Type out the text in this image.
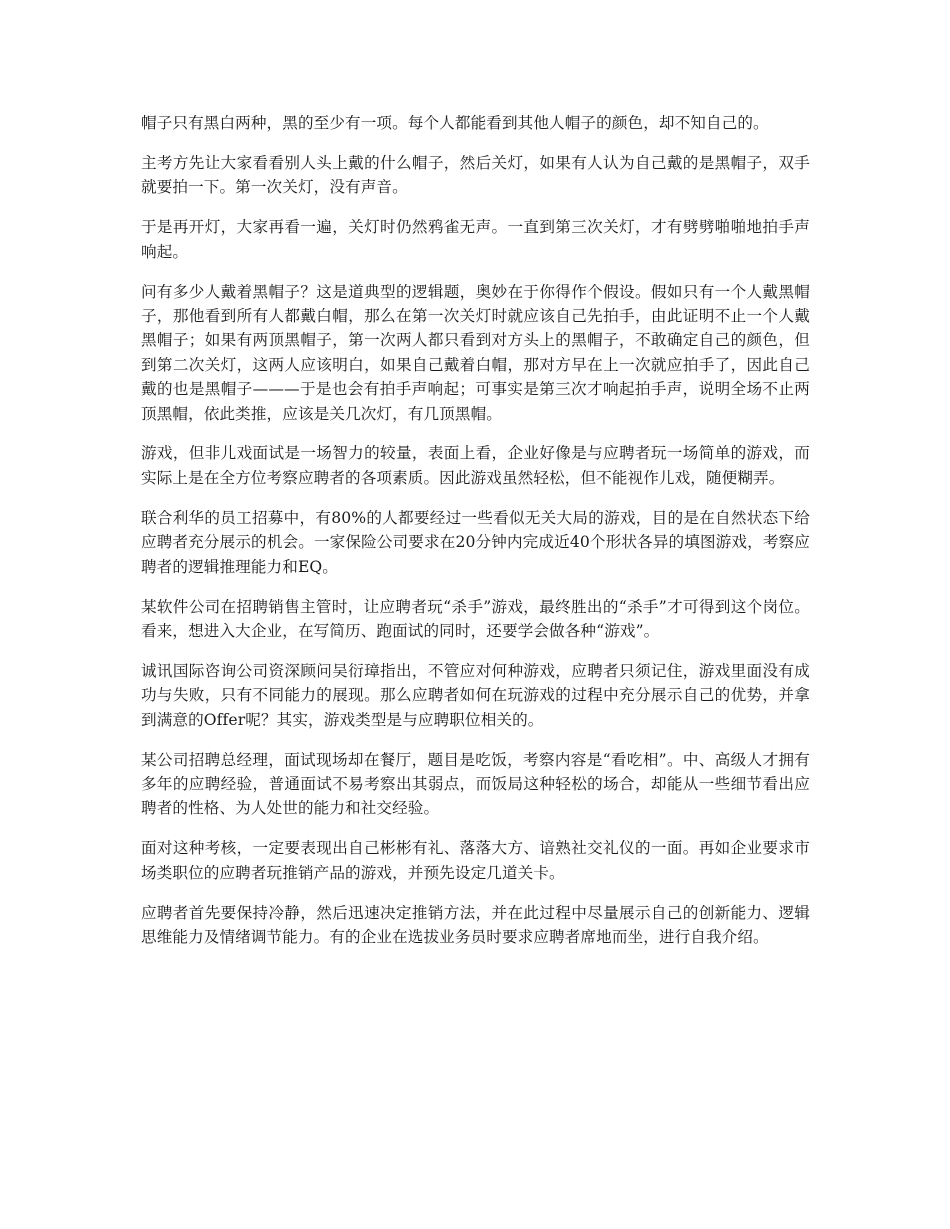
帽子只有黑白两种，黑的至少有一项。每个人都能看到其他人帽子的颜色，却不知自己的。

主考方先让大家看看别人头上戴的什么帽子，然后关灯，如果有人认为自己戴的是黑帽子，双手就要拍一下。第一次关灯，没有声音。

于是再开灯，大家再看一遍，关灯时仍然鸦雀无声。一直到第三次关灯，才有劈劈啪啪地拍手声响起。

问有多少人戴着黑帽子？这是道典型的逻辑题，奥妙在于你得作个假设。假如只有一个人戴黑帽子，那他看到所有人都戴白帽，那么在第一次关灯时就应该自己先拍手，由此证明不止一个人戴黑帽子；如果有两顶黑帽子，第一次两人都只看到对方头上的黑帽子，不敢确定自己的颜色，但到第二次关灯，这两人应该明白，如果自己戴着白帽，那对方早在上一次就应拍手了，因此自己戴的也是黑帽子———于是也会有拍手声响起；可事实是第三次才响起拍手声，说明全场不止两顶黑帽，依此类推，应该是关几次灯，有几顶黑帽。

游戏，但非儿戏面试是一场智力的较量，表面上看，企业好像是与应聘者玩一场简单的游戏，而实际上是在全方位考察应聘者的各项素质。因此游戏虽然轻松，但不能视作儿戏，随便糊弄。

联合利华的员工招募中，有80%的人都要经过一些看似无关大局的游戏，目的是在自然状态下给应聘者充分展示的机会。一家保险公司要求在20分钟内完成近40个形状各异的填图游戏，考察应聘者的逻辑推理能力和EQ。

某软件公司在招聘销售主管时，让应聘者玩“杀手”游戏，最终胜出的“杀手”才可得到这个岗位。看来，想进入大企业，在写简历、跑面试的同时，还要学会做各种“游戏”。

诚讯国际咨询公司资深顾问吴衍璋指出，不管应对何种游戏，应聘者只须记住，游戏里面没有成功与失败，只有不同能力的展现。那么应聘者如何在玩游戏的过程中充分展示自己的优势，并拿到满意的Offer呢？其实，游戏类型是与应聘职位相关的。

某公司招聘总经理，面试现场却在餐厅，题目是吃饭，考察内容是“看吃相”。中、高级人才拥有多年的应聘经验，普通面试不易考察出其弱点，而饭局这种轻松的场合，却能从一些细节看出应聘者的性格、为人处世的能力和社交经验。

面对这种考核，一定要表现出自己彬彬有礼、落落大方、谙熟社交礼仪的一面。再如企业要求市场类职位的应聘者玩推销产品的游戏，并预先设定几道关卡。

应聘者首先要保持冷静，然后迅速决定推销方法，并在此过程中尽量展示自己的创新能力、逻辑思维能力及情绪调节能力。有的企业在选拔业务员时要求应聘者席地而坐，进行自我介绍。
